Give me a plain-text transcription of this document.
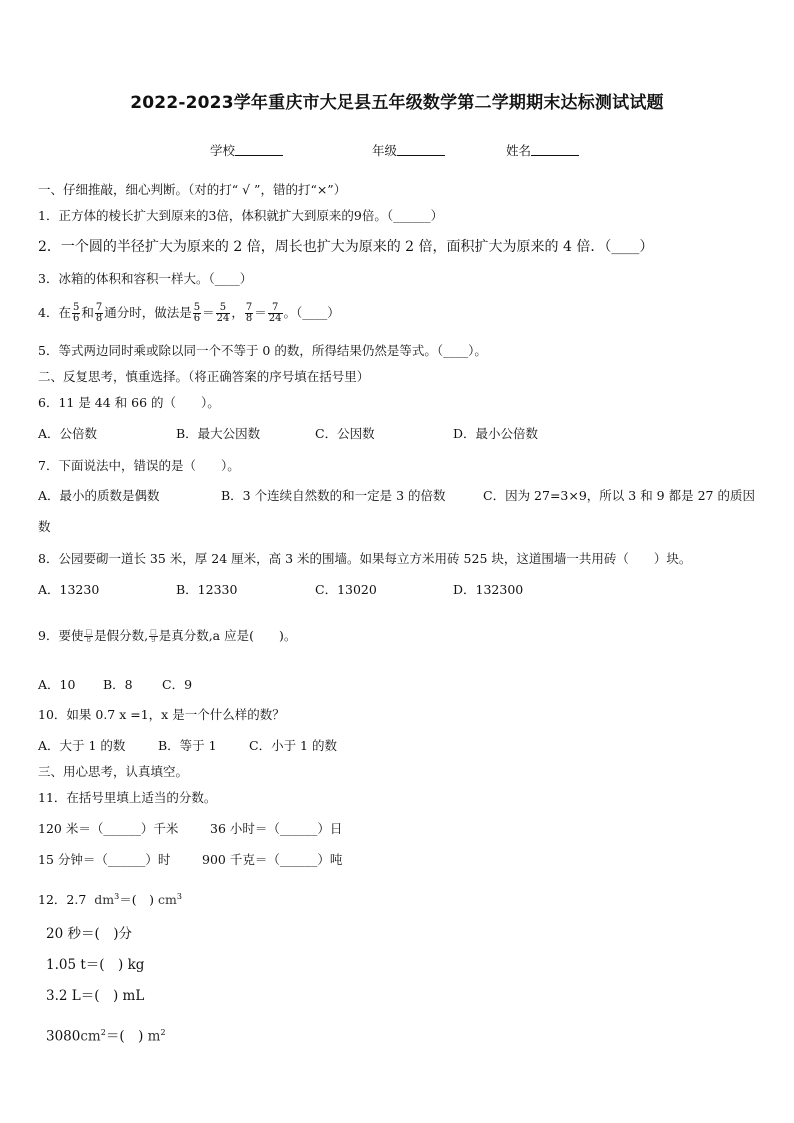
2022-2023学年重庆市大足县五年级数学第二学期期末达标测试试题
学校	年级	姓名
一、仔细推敲，细心判断。（对的打“ √ ”，错的打“×”）
1．正方体的棱长扩大到原来的3倍，体积就扩大到原来的9倍。（______）
2．一个圆的半径扩大为原来的 2 倍，周长也扩大为原来的 2 倍，面积扩大为原来的 4 倍．（____）
3．冰箱的体积和容积一样大。（____）
4．在 $\frac{5}{6}$ 和 $\frac{7}{8}$ 通分时，做法是 $\frac{5}{6} = \frac{5}{24}$ ， $\frac{7}{8} = \frac{7}{24}$ 。（____）
5．等式两边同时乘或除以同一个不等于 0 的数，所得结果仍然是等式。（____）。
二、反复思考，慎重选择。（将正确答案的序号填在括号里）
6．11 是 44 和 66 的（　　）。
A．公倍数	B．最大公因数	C．公因数	D．最小公倍数
7．下面说法中，错误的是（　　）。
A．最小的质数是偶数	B．3 个连续自然数的和一定是 3 的倍数	C．因为 27=3×9，所以 3 和 9 都是 27 的质因
数
8．公园要砌一道长 35 米，厚 24 厘米，高 3 米的围墙。如果每立方米用砖 525 块，这道围墙一共用砖（　　）块。
A．13230	B．12330	C．13020	D．132300
9．要使 $\frac{□}{8}$ 是假分数, $\frac{□}{9}$ 是真分数,a 应是(　　)。
A．10 B．8 C．9
10．如果 0.7 x =1，x 是一个什么样的数？
A．大于 1 的数	B．等于 1	C．小于 1 的数
三、用心思考，认真填空。
11．在括号里填上适当的分数。
120 米＝（______）千米	36 小时＝（______）日
15 分钟＝（______）时	900 千克＝（______）吨
12．2.7 $dm^3=$(　) $cm^3$
20 秒＝(　)分
1.05 t＝(　) kg
3.2 L＝(　) mL
$3080cm^2=$(　) $m^2$
